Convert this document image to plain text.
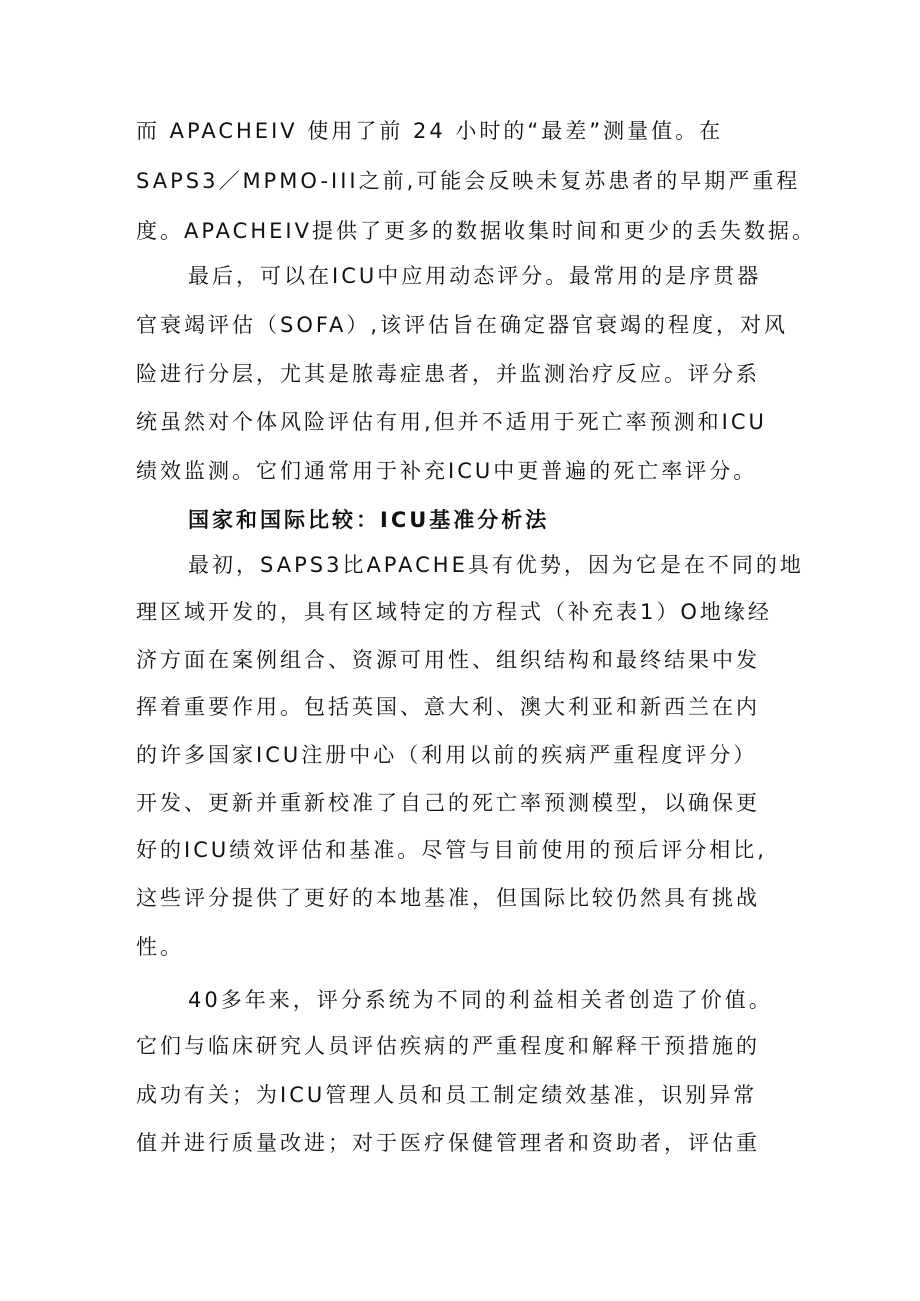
而 APACHEIV 使用了前 24 小时的“最差”测量值。在
SAPS3／MPMO-III之前,可能会反映未复苏患者的早期严重程
度。APACHEIV提供了更多的数据收集时间和更少的丢失数据。
最后，可以在ICU中应用动态评分。最常用的是序贯器
官衰竭评估（SOFA）,该评估旨在确定器官衰竭的程度，对风
险进行分层，尤其是脓毒症患者，并监测治疗反应。评分系
统虽然对个体风险评估有用,但并不适用于死亡率预测和ICU
绩效监测。它们通常用于补充ICU中更普遍的死亡率评分。
国家和国际比较：ICU基准分析法
最初，SAPS3比APACHE具有优势，因为它是在不同的地
理区域开发的，具有区域特定的方程式（补充表1）O地缘经
济方面在案例组合、资源可用性、组织结构和最终结果中发
挥着重要作用。包括英国、意大利、澳大利亚和新西兰在内
的许多国家ICU注册中心（利用以前的疾病严重程度评分）
开发、更新并重新校准了自己的死亡率预测模型，以确保更
好的ICU绩效评估和基准。尽管与目前使用的预后评分相比,
这些评分提供了更好的本地基准，但国际比较仍然具有挑战
性。
40多年来，评分系统为不同的利益相关者创造了价值。
它们与临床研究人员评估疾病的严重程度和解释干预措施的
成功有关；为ICU管理人员和员工制定绩效基准，识别异常
值并进行质量改进；对于医疗保健管理者和资助者，评估重
